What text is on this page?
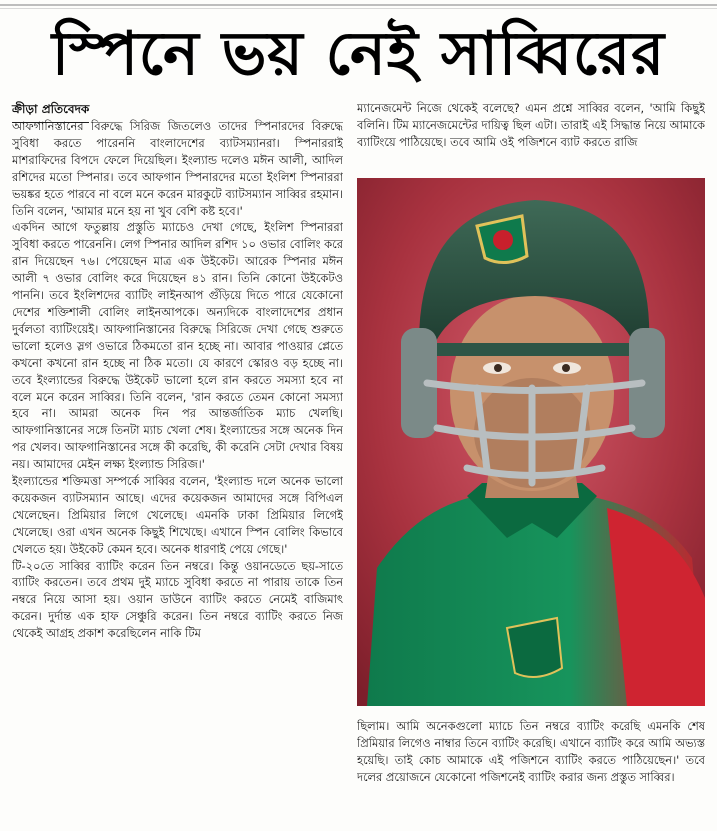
স্পিনে ভয় নেই সাব্বিরের
ক্রীড়া প্রতিবেদক

আফগানিস্তানের বিরুদ্ধে সিরিজ জিতলেও তাদের স্পিনারদের বিরুদ্ধে সুবিধা করতে পারেননি বাংলাদেশের ব্যাটসম্যানরা। স্পিনাররাই মাশরাফিদের বিপদে ফেলে দিয়েছিল। ইংল্যান্ড দলেও মঈন আলী, আদিল রশিদের মতো স্পিনার। তবে আফগান স্পিনারদের মতো ইংলিশ স্পিনাররা ভয়ঙ্কর হতে পারবে না বলে মনে করেন মারকুটে ব্যাটসম্যান সাব্বির রহমান। তিনি বলেন, 'আমার মনে হয় না খুব বেশি কষ্ট হবে।'

একদিন আগে ফতুল্লায় প্রস্তুতি ম্যাচেও দেখা গেছে, ইংলিশ স্পিনাররা সুবিধা করতে পারেননি। লেগ স্পিনার আদিল রশিদ ১০ ওভার বোলিং করে রান দিয়েছেন ৭৬। পেয়েছেন মাত্র এক উইকেট। আরেক স্পিনার মঈন আলী ৭ ওভার বোলিং করে দিয়েছেন ৪১ রান। তিনি কোনো উইকেটও পাননি। তবে ইংলিশদের ব্যাটিং লাইনআপ গুঁড়িয়ে দিতে পারে যেকোনো দেশের শক্তিশালী বোলিং লাইনআপকে। অন্যদিকে বাংলাদেশের প্রধান দুর্বলতা ব্যাটিংয়েই। আফগানিস্তানের বিরুদ্ধে সিরিজে দেখা গেছে শুরুতে ভালো হলেও স্লগ ওভারে ঠিকমতো রান হচ্ছে না। আবার পাওয়ার প্লেতে কখনো কখনো রান হচ্ছে না ঠিক মতো। যে কারণে স্কোরও বড় হচ্ছে না। তবে ইংল্যান্ডের বিরুদ্ধে উইকেট ভালো হলে রান করতে সমস্যা হবে না বলে মনে করেন সাব্বির। তিনি বলেন, 'রান করতে তেমন কোনো সমস্যা হবে না। আমরা অনেক দিন পর আন্তর্জাতিক ম্যাচ খেলছি। আফগানিস্তানের সঙ্গে তিনটা ম্যাচ খেলা শেষ। ইংল্যান্ডের সঙ্গে অনেক দিন পর খেলব। আফগানিস্তানের সঙ্গে কী করেছি, কী করেনি সেটা দেখার বিষয় নয়। আমাদের মেইন লক্ষ্য ইংল্যান্ড সিরিজ।'

ইংল্যান্ডের শক্তিমত্তা সম্পর্কে সাব্বির বলেন, 'ইংল্যান্ড দলে অনেক ভালো কয়েকজন ব্যাটসম্যান আছে। এদের কয়েকজন আমাদের সঙ্গে বিপিএল খেলেছেন। প্রিমিয়ার লিগে খেলেছে। এমনকি ঢাকা প্রিমিয়ার লিগেই খেলেছে। ওরা এখন অনেক কিছুই শিখেছে। এখানে স্পিন বোলিং কিভাবে খেলতে হয়। উইকেট কেমন হবে। অনেক ধারণাই পেয়ে গেছে।'

টি-২০তে সাব্বির ব্যাটিং করেন তিন নম্বরে। কিন্তু ওয়ানডেতে ছয়-সাতে ব্যাটিং করতেন। তবে প্রথম দুই ম্যাচে সুবিধা করতে না পারায় তাকে তিন নম্বরে নিয়ে আসা হয়। ওয়ান ডাউনে ব্যাটিং করতে নেমেই বাজিমাৎ করেন। দুর্দান্ত এক হাফ সেঞ্চুরি করেন। তিন নম্বরে ব্যাটিং করতে নিজ থেকেই আগ্রহ প্রকাশ করেছিলেন নাকি টিম

ম্যানেজমেন্ট নিজে থেকেই বলেছে? এমন প্রশ্নে সাব্বির বলেন, 'আমি কিছুই বলিনি। টিম ম্যানেজমেন্টের দায়িত্ব ছিল এটা। তারাই এই সিদ্ধান্ত নিয়ে আমাকে ব্যাটিংয়ে পাঠিয়েছে। তবে আমি ওই পজিশনে ব্যাট করতে রাজি

ছিলাম। আমি অনেকগুলো ম্যাচে তিন নম্বরে ব্যাটিং করেছি এমনকি শেষ প্রিমিয়ার লিগেও নাম্বার তিনে ব্যাটিং করেছি। এখানে ব্যাটিং করে আমি অভ্যস্ত হয়েছি। তাই কোচ আমাকে এই পজিশনে ব্যাটিং করতে পাঠিয়েছেন।' তবে দলের প্রয়োজনে যেকোনো পজিশনেই ব্যাটিং করার জন্য প্রস্তুত সাব্বির।
